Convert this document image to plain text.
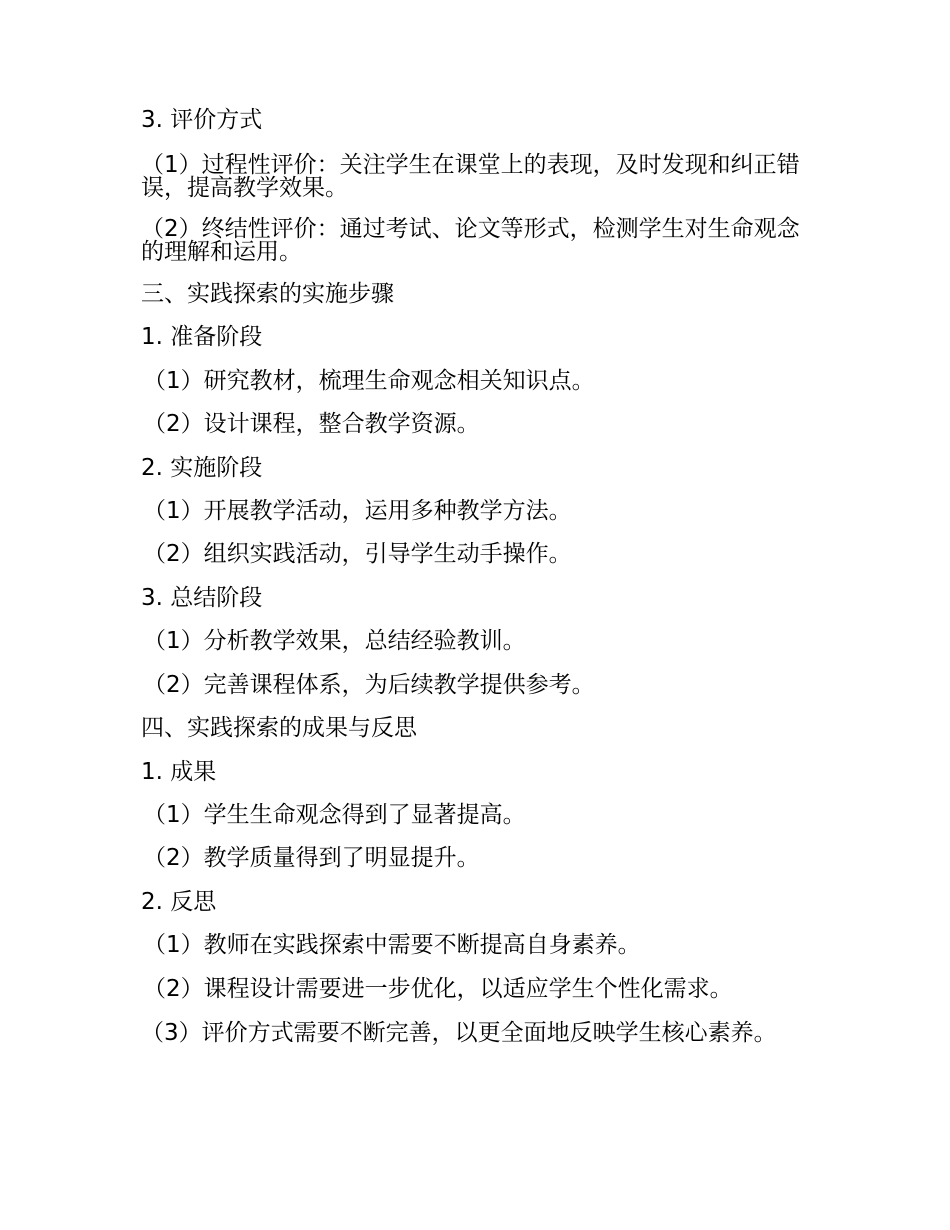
3. 评价方式
（1）过程性评价：关注学生在课堂上的表现，及时发现和纠正错误，提高教学效果。
（2）终结性评价：通过考试、论文等形式，检测学生对生命观念的理解和运用。
三、实践探索的实施步骤
1. 准备阶段
（1）研究教材，梳理生命观念相关知识点。
（2）设计课程，整合教学资源。
2. 实施阶段
（1）开展教学活动，运用多种教学方法。
（2）组织实践活动，引导学生动手操作。
3. 总结阶段
（1）分析教学效果，总结经验教训。
（2）完善课程体系，为后续教学提供参考。
四、实践探索的成果与反思
1. 成果
（1）学生生命观念得到了显著提高。
（2）教学质量得到了明显提升。
2. 反思
（1）教师在实践探索中需要不断提高自身素养。
（2）课程设计需要进一步优化，以适应学生个性化需求。
（3）评价方式需要不断完善，以更全面地反映学生核心素养。
